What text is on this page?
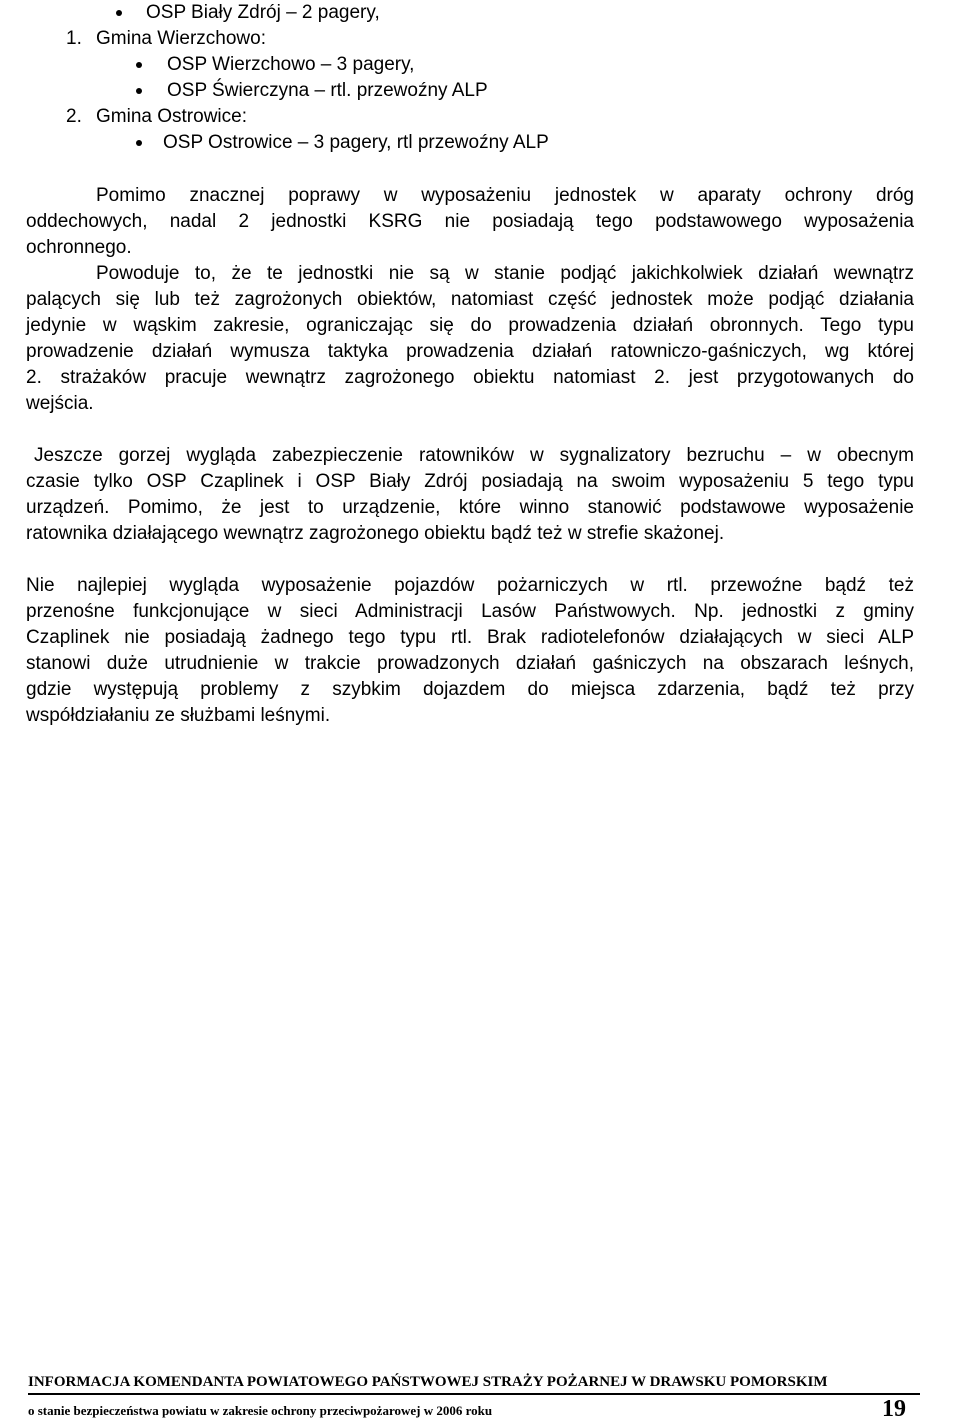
OSP Biały Zdrój – 2 pagery,
1. Gmina Wierzchowo:
OSP Wierzchowo – 3 pagery,
OSP Świerczyna – rtl. przewoźny ALP
2. Gmina Ostrowice:
OSP Ostrowice – 3 pagery, rtl przewoźny ALP
Pomimo znacznej poprawy w wyposażeniu jednostek w aparaty ochrony dróg
oddechowych, nadal 2 jednostki KSRG nie posiadają tego podstawowego wyposażenia
ochronnego.
Powoduje to, że te jednostki nie są w stanie podjąć jakichkolwiek działań wewnątrz
palących się lub też zagrożonych obiektów, natomiast część jednostek może podjąć działania
jedynie w wąskim zakresie, ograniczając się do prowadzenia działań obronnych. Tego typu
prowadzenie działań wymusza taktyka prowadzenia działań ratowniczo-gaśniczych, wg której
2. strażaków pracuje wewnątrz zagrożonego obiektu natomiast 2. jest przygotowanych do
wejścia.
Jeszcze gorzej wygląda zabezpieczenie ratowników w sygnalizatory bezruchu – w obecnym
czasie tylko OSP Czaplinek i OSP Biały Zdrój posiadają na swoim wyposażeniu 5 tego typu
urządzeń. Pomimo, że jest to urządzenie, które winno stanowić podstawowe wyposażenie
ratownika działającego wewnątrz zagrożonego obiektu bądź też w strefie skażonej.
Nie najlepiej wygląda wyposażenie pojazdów pożarniczych w rtl. przewoźne bądź też
przenośne funkcjonujące w sieci Administracji Lasów Państwowych. Np. jednostki z gminy
Czaplinek nie posiadają żadnego tego typu rtl. Brak radiotelefonów działających w sieci ALP
stanowi duże utrudnienie w trakcie prowadzonych działań gaśniczych na obszarach leśnych,
gdzie występują problemy z szybkim dojazdem do miejsca zdarzenia, bądź też przy
współdziałaniu ze służbami leśnymi.
INFORMACJA KOMENDANTA POWIATOWEGO PAŃSTWOWEJ STRAŻY POŻARNEJ W DRAWSKU POMORSKIM
o stanie bezpieczeństwa powiatu w zakresie ochrony przeciwpożarowej w 2006 roku	19
